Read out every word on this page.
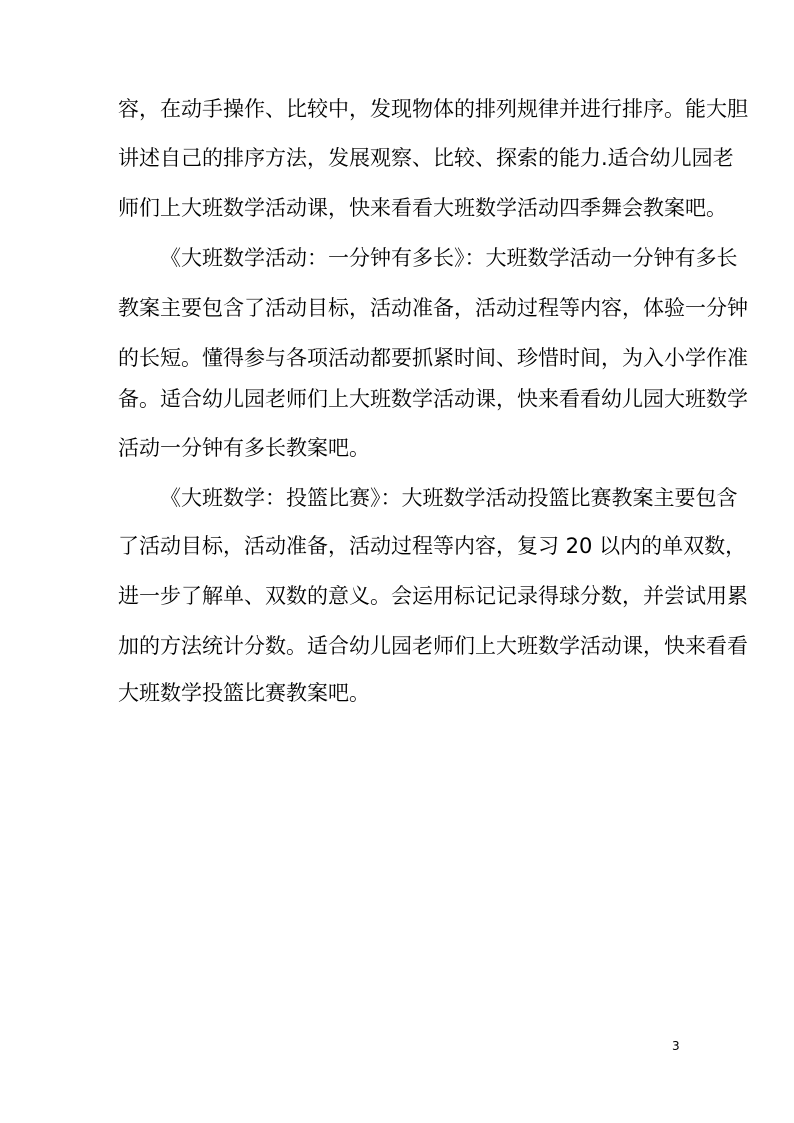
容，在动手操作、比较中，发现物体的排列规律并进行排序。能大胆
讲述自己的排序方法，发展观察、比较、探索的能力.适合幼儿园老
师们上大班数学活动课，快来看看大班数学活动四季舞会教案吧。
《大班数学活动：一分钟有多长》：大班数学活动一分钟有多长
教案主要包含了活动目标，活动准备，活动过程等内容，体验一分钟
的长短。懂得参与各项活动都要抓紧时间、珍惜时间，为入小学作准
备。适合幼儿园老师们上大班数学活动课，快来看看幼儿园大班数学
活动一分钟有多长教案吧。
《大班数学：投篮比赛》：大班数学活动投篮比赛教案主要包含
了活动目标，活动准备，活动过程等内容，复习 20 以内的单双数，
进一步了解单、双数的意义。会运用标记记录得球分数，并尝试用累
加的方法统计分数。适合幼儿园老师们上大班数学活动课，快来看看
大班数学投篮比赛教案吧。
3
